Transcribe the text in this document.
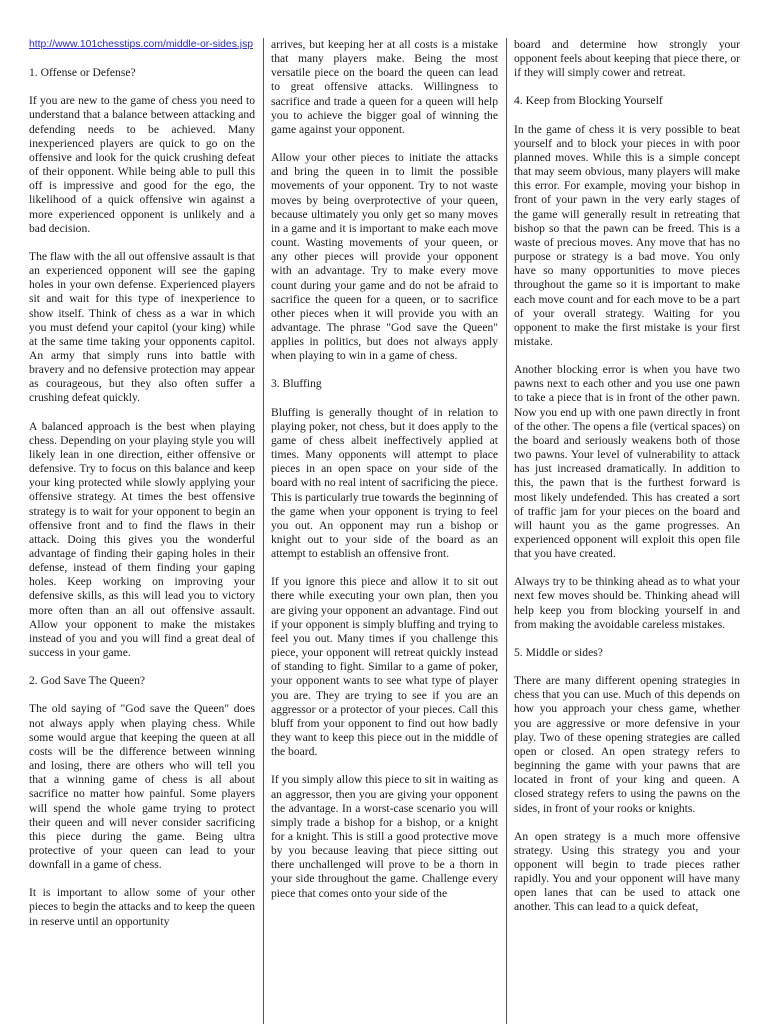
http://www.101chesstips.com/middle-or-sides.jsp
1. Offense or Defense?

If you are new to the game of chess you need to understand that a balance between attacking and defending needs to be achieved. Many inexperienced players are quick to go on the offensive and look for the quick crushing defeat of their opponent. While being able to pull this off is impressive and good for the ego, the likelihood of a quick offensive win against a more experienced opponent is unlikely and a bad decision.

The flaw with the all out offensive assault is that an experienced opponent will see the gaping holes in your own defense. Experienced players sit and wait for this type of inexperience to show itself. Think of chess as a war in which you must defend your capitol (your king) while at the same time taking your opponents capitol. An army that simply runs into battle with bravery and no defensive protection may appear as courageous, but they also often suffer a crushing defeat quickly.

A balanced approach is the best when playing chess. Depending on your playing style you will likely lean in one direction, either offensive or defensive. Try to focus on this balance and keep your king protected while slowly applying your offensive strategy. At times the best offensive strategy is to wait for your opponent to begin an offensive front and to find the flaws in their attack. Doing this gives you the wonderful advantage of finding their gaping holes in their defense, instead of them finding your gaping holes. Keep working on improving your defensive skills, as this will lead you to victory more often than an all out offensive assault. Allow your opponent to make the mistakes instead of you and you will find a great deal of success in your game.

2. God Save The Queen?

The old saying of "God save the Queen" does not always apply when playing chess. While some would argue that keeping the queen at all costs will be the difference between winning and losing, there are others who will tell you that a winning game of chess is all about sacrifice no matter how painful. Some players will spend the whole game trying to protect their queen and will never consider sacrificing this piece during the game. Being ultra protective of your queen can lead to your downfall in a game of chess.

It is important to allow some of your other pieces to begin the attacks and to keep the queen in reserve until an opportunity

arrives, but keeping her at all costs is a mistake that many players make. Being the most versatile piece on the board the queen can lead to great offensive attacks. Willingness to sacrifice and trade a queen for a queen will help you to achieve the bigger goal of winning the game against your opponent.

Allow your other pieces to initiate the attacks and bring the queen in to limit the possible movements of your opponent. Try to not waste moves by being overprotective of your queen, because ultimately you only get so many moves in a game and it is important to make each move count. Wasting movements of your queen, or any other pieces will provide your opponent with an advantage. Try to make every move count during your game and do not be afraid to sacrifice the queen for a queen, or to sacrifice other pieces when it will provide you with an advantage. The phrase "God save the Queen" applies in politics, but does not always apply when playing to win in a game of chess.

3. Bluffing

Bluffing is generally thought of in relation to playing poker, not chess, but it does apply to the game of chess albeit ineffectively applied at times. Many opponents will attempt to place pieces in an open space on your side of the board with no real intent of sacrificing the piece. This is particularly true towards the beginning of the game when your opponent is trying to feel you out. An opponent may run a bishop or knight out to your side of the board as an attempt to establish an offensive front.

If you ignore this piece and allow it to sit out there while executing your own plan, then you are giving your opponent an advantage. Find out if your opponent is simply bluffing and trying to feel you out. Many times if you challenge this piece, your opponent will retreat quickly instead of standing to fight. Similar to a game of poker, your opponent wants to see what type of player you are. They are trying to see if you are an aggressor or a protector of your pieces. Call this bluff from your opponent to find out how badly they want to keep this piece out in the middle of the board.

If you simply allow this piece to sit in waiting as an aggressor, then you are giving your opponent the advantage. In a worst-case scenario you will simply trade a bishop for a bishop, or a knight for a knight. This is still a good protective move by you because leaving that piece sitting out there unchallenged will prove to be a thorn in your side throughout the game. Challenge every piece that comes onto your side of the

board and determine how strongly your opponent feels about keeping that piece there, or if they will simply cower and retreat.

4. Keep from Blocking Yourself

In the game of chess it is very possible to beat yourself and to block your pieces in with poor planned moves. While this is a simple concept that may seem obvious, many players will make this error. For example, moving your bishop in front of your pawn in the very early stages of the game will generally result in retreating that bishop so that the pawn can be freed. This is a waste of precious moves. Any move that has no purpose or strategy is a bad move. You only have so many opportunities to move pieces throughout the game so it is important to make each move count and for each move to be a part of your overall strategy. Waiting for you opponent to make the first mistake is your first mistake.

Another blocking error is when you have two pawns next to each other and you use one pawn to take a piece that is in front of the other pawn. Now you end up with one pawn directly in front of the other. The opens a file (vertical spaces) on the board and seriously weakens both of those two pawns. Your level of vulnerability to attack has just increased dramatically. In addition to this, the pawn that is the furthest forward is most likely undefended. This has created a sort of traffic jam for your pieces on the board and will haunt you as the game progresses. An experienced opponent will exploit this open file that you have created.

Always try to be thinking ahead as to what your next few moves should be. Thinking ahead will help keep you from blocking yourself in and from making the avoidable careless mistakes.

5. Middle or sides?

There are many different opening strategies in chess that you can use. Much of this depends on how you approach your chess game, whether you are aggressive or more defensive in your play. Two of these opening strategies are called open or closed. An open strategy refers to beginning the game with your pawns that are located in front of your king and queen. A closed strategy refers to using the pawns on the sides, in front of your rooks or knights.

An open strategy is a much more offensive strategy. Using this strategy you and your opponent will begin to trade pieces rather rapidly. You and your opponent will have many open lanes that can be used to attack one another. This can lead to a quick defeat,
